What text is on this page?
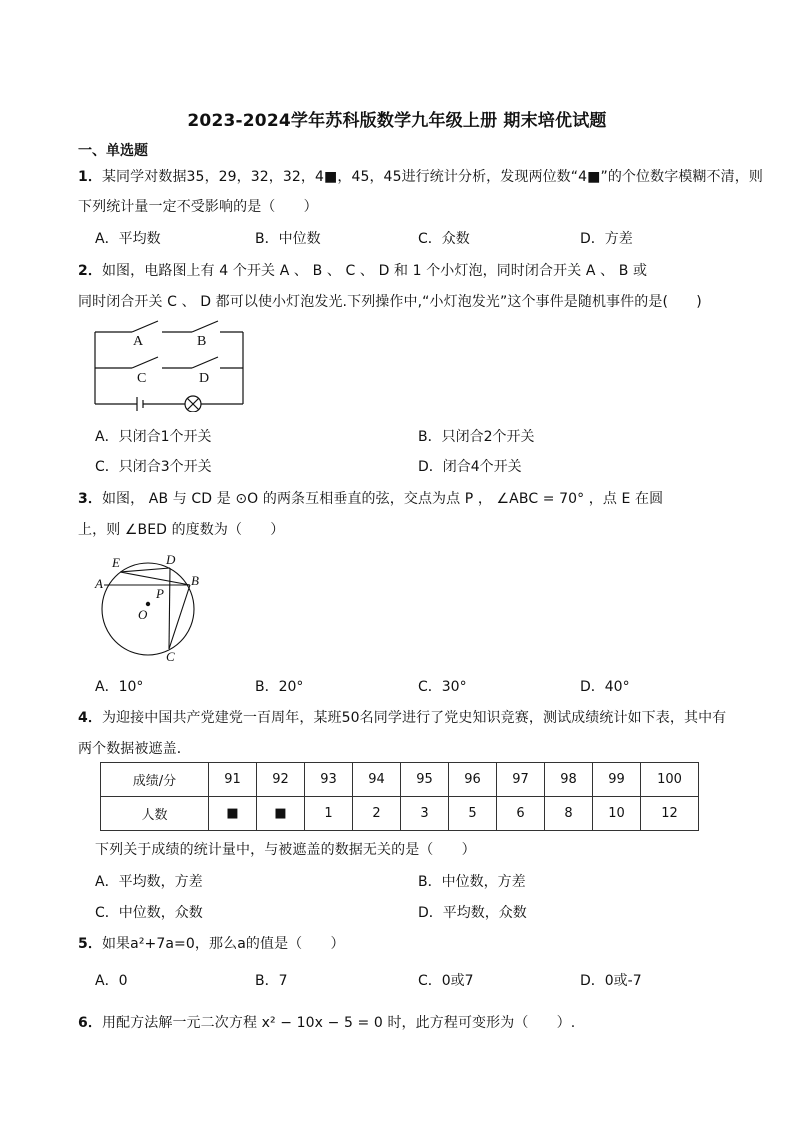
2023-2024学年苏科版数学九年级上册 期末培优试题
一、单选题
1．某同学对数据35，29，32，32，4■，45，45进行统计分析，发现两位数“4■”的个位数字模糊不清，则
下列统计量一定不受影响的是（　　）
A．平均数	B．中位数	C．众数	D．方差
2．如图，电路图上有 4 个开关 A 、 B 、 C 、 D 和 1 个小灯泡，同时闭合开关 A 、 B 或
同时闭合开关 C 、 D 都可以使小灯泡发光.下列操作中,“小灯泡发光”这个事件是随机事件的是(　　)
A	B
C	D
A．只闭合1个开关	B．只闭合2个开关
C．只闭合3个开关	D．闭合4个开关
3．如图， AB 与 CD 是 ⊙O 的两条互相垂直的弦，交点为点 P ， ∠ABC = 70° ，点 E 在圆
上，则 ∠BED 的度数为（　　）
E	D
A	B
P
O
C
A．10°	B．20°	C．30°	D．40°
4．为迎接中国共产党建党一百周年，某班50名同学进行了党史知识竞赛，测试成绩统计如下表，其中有
两个数据被遮盖．
成绩/分	91	92	93	94	95	96	97	98	99	100
人数	■	■	1	2	3	5	6	8	10	12
下列关于成绩的统计量中，与被遮盖的数据无关的是（　　）
A．平均数，方差	B．中位数，方差
C．中位数，众数	D．平均数，众数
5．如果a²+7a=0，那么a的值是（　　）
A．0	B．7	C．0或7	D．0或-7
6．用配方法解一元二次方程 x² − 10x − 5 = 0 时，此方程可变形为（　　）.
